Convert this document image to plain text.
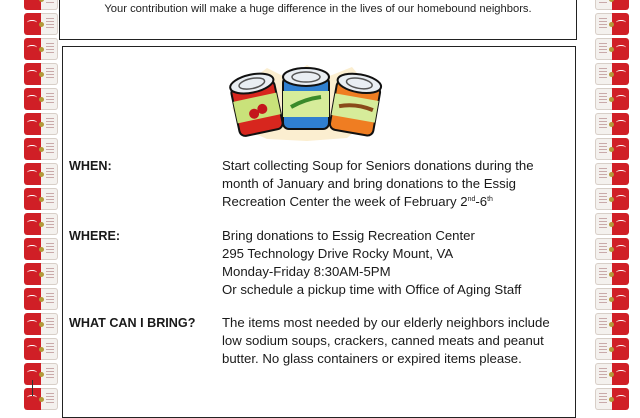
Your contribution will make a huge difference in the lives of our homebound neighbors.
WHEN:	Start collecting Soup for Seniors donations during the
month of January and bring donations to the Essig
Recreation Center the week of February 2nd-6th
WHERE:	Bring donations to Essig Recreation Center
295 Technology Drive Rocky Mount, VA
Monday-Friday 8:30AM-5PM
Or schedule a pickup time with Office of Aging Staff
WHAT CAN I BRING? The items most needed by our elderly neighbors include
low sodium soups, crackers, canned meats and peanut
butter. No glass containers or expired items please.
